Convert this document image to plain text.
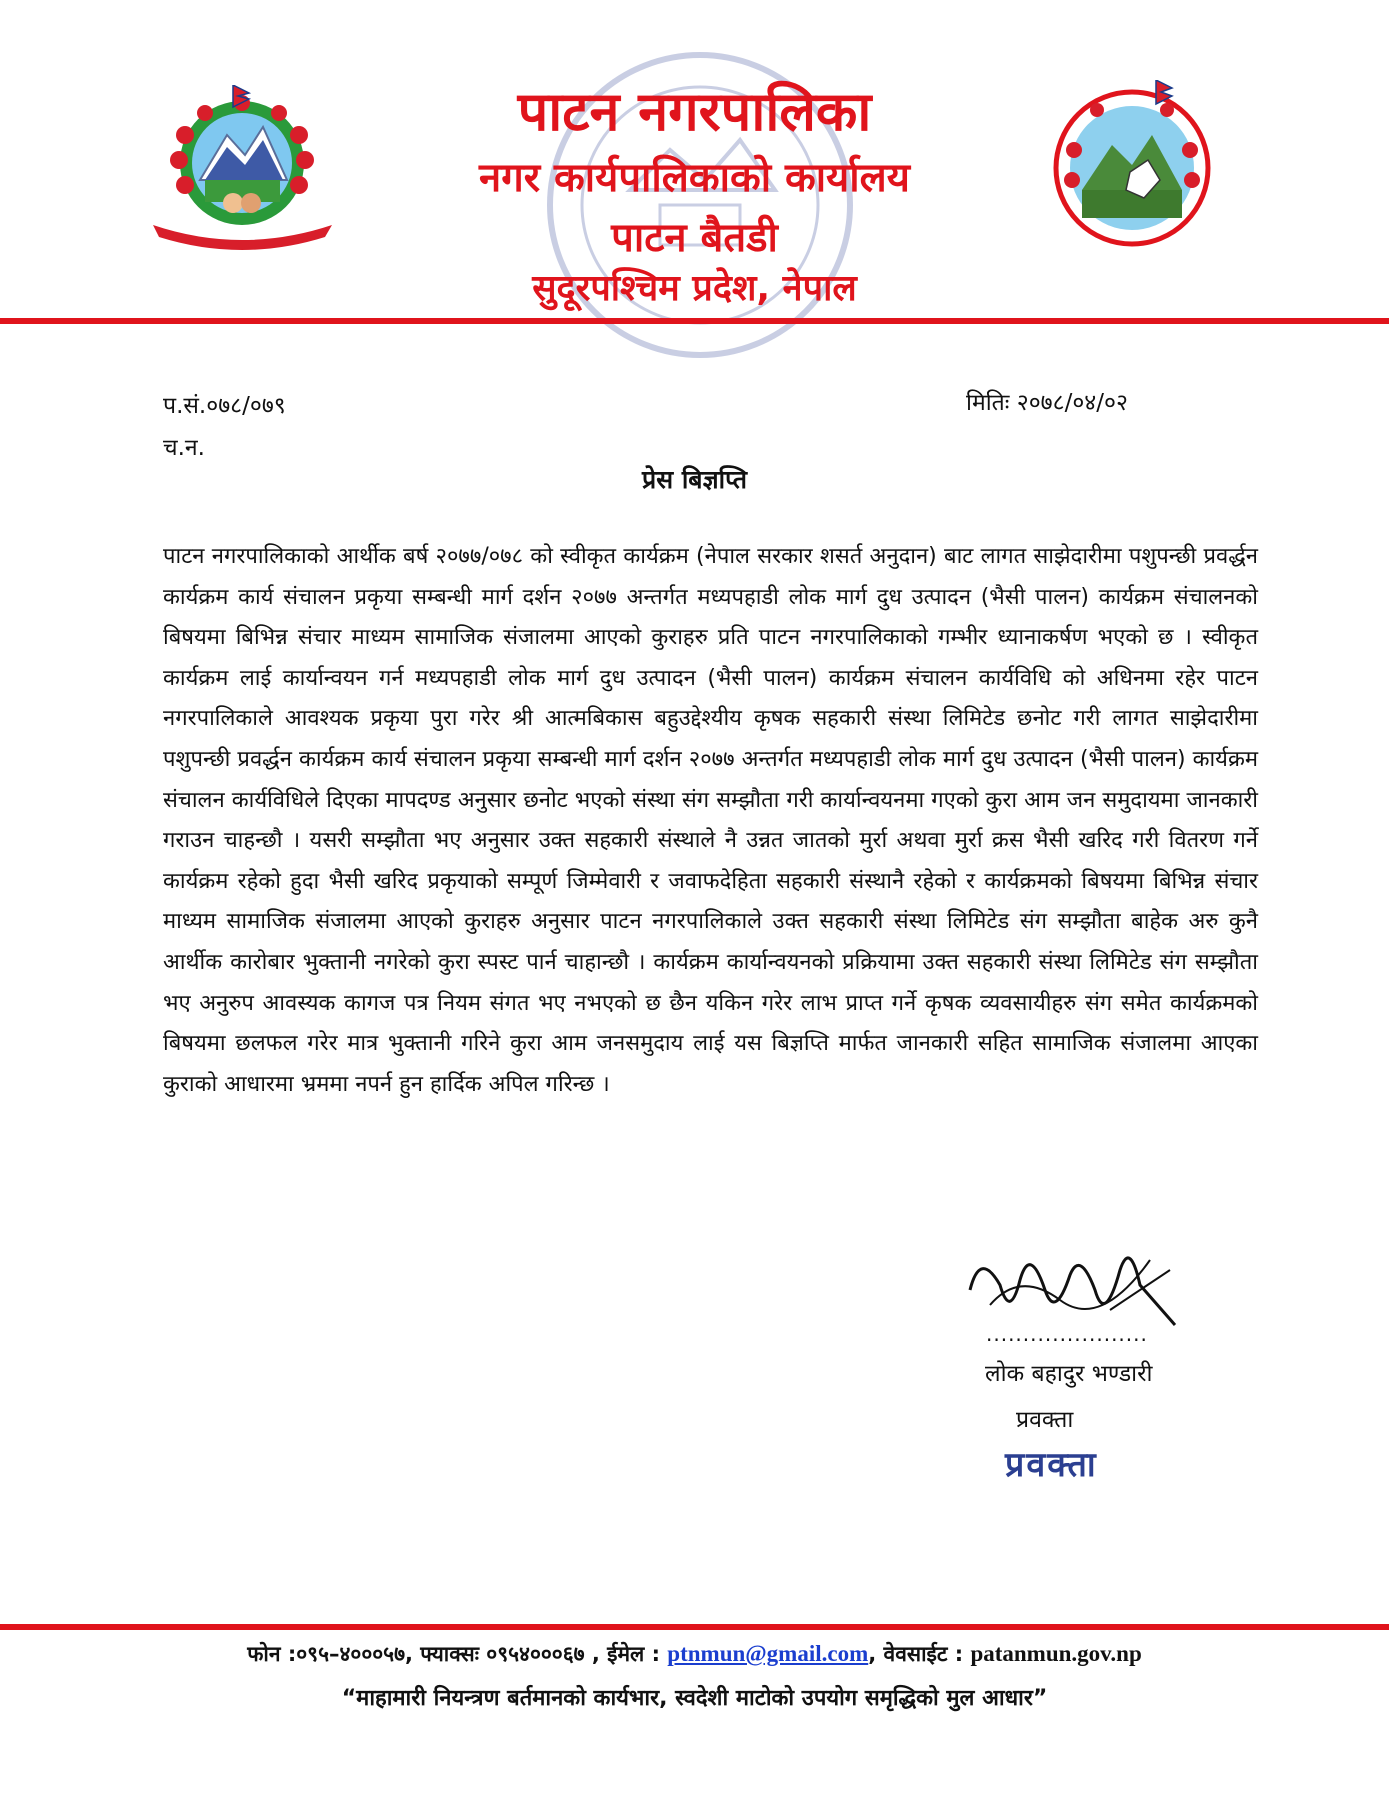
पाटन नगरपालिका
नगर कार्यपालिकाको कार्यालय
पाटन बैतडी
सुदूरपश्चिम प्रदेश, नेपाल
प.सं.०७८/०७९
च.न.
मितिः २०७८/०४/०२
प्रेस बिज्ञप्ति
पाटन नगरपालिकाको आर्थीक बर्ष २०७७/०७८ को स्वीकृत कार्यक्रम (नेपाल सरकार शसर्त अनुदान) बाट लागत साझेदारीमा पशुपन्छी प्रवर्द्धन कार्यक्रम कार्य संचालन प्रकृया सम्बन्धी मार्ग दर्शन २०७७ अन्तर्गत मध्यपहाडी लोक मार्ग दुध उत्पादन (भैसी पालन) कार्यक्रम संचालनको बिषयमा बिभिन्न संचार माध्यम सामाजिक संजालमा आएको कुराहरु प्रति पाटन नगरपालिकाको गम्भीर ध्यानाकर्षण भएको छ । स्वीकृत कार्यक्रम लाई कार्यान्वयन गर्न मध्यपहाडी लोक मार्ग दुध उत्पादन (भैसी पालन) कार्यक्रम संचालन कार्यविधि को अधिनमा रहेर पाटन नगरपालिकाले आवश्यक प्रकृया पुरा गरेर श्री आत्मबिकास बहुउद्देश्यीय कृषक सहकारी संस्था लिमिटेड छनोट गरी लागत साझेदारीमा पशुपन्छी प्रवर्द्धन कार्यक्रम कार्य संचालन प्रकृया सम्बन्धी मार्ग दर्शन २०७७ अन्तर्गत मध्यपहाडी लोक मार्ग दुध उत्पादन (भैसी पालन) कार्यक्रम संचालन कार्यविधिले दिएका मापदण्ड अनुसार छनोट भएको संस्था संग सम्झौता गरी कार्यान्वयनमा गएको कुरा आम जन समुदायमा जानकारी गराउन चाहन्छौ । यसरी सम्झौता भए अनुसार उक्त सहकारी संस्थाले नै उन्नत जातको मुर्रा अथवा मुर्रा क्रस भैसी खरिद गरी वितरण गर्ने कार्यक्रम रहेको हुदा भैसी खरिद प्रकृयाको सम्पूर्ण जिम्मेवारी र जवाफदेहिता सहकारी संस्थानै रहेको र कार्यक्रमको बिषयमा बिभिन्न संचार माध्यम सामाजिक संजालमा आएको कुराहरु अनुसार पाटन नगरपालिकाले उक्त सहकारी संस्था लिमिटेड संग सम्झौता बाहेक अरु कुनै आर्थीक कारोबार भुक्तानी नगरेको कुरा स्पस्ट पार्न चाहान्छौ । कार्यक्रम कार्यान्वयनको प्रक्रियामा उक्त सहकारी संस्था लिमिटेड संग सम्झौता भए अनुरुप आवस्यक कागज पत्र नियम संगत भए नभएको छ छैन यकिन गरेर लाभ प्राप्त गर्ने कृषक व्यवसायीहरु संग समेत कार्यक्रमको बिषयमा छलफल गरेर मात्र भुक्तानी गरिने कुरा आम जनसमुदाय लाई यस बिज्ञप्ति मार्फत जानकारी सहित सामाजिक संजालमा आएका कुराको आधारमा भ्रममा नपर्न हुन हार्दिक अपिल गरिन्छ ।
......................
लोक बहादुर भण्डारी
प्रवक्ता
प्रवक्ता
फोन :०९५–४०००५७, फ्याक्सः ०९५४०००६७ , ईमेल : ptnmun@gmail.com, वेवसाईट : patanmun.gov.np
“माहामारी नियन्त्रण बर्तमानको कार्यभार, स्वदेशी माटोको उपयोग समृद्धिको मुल आधार”
